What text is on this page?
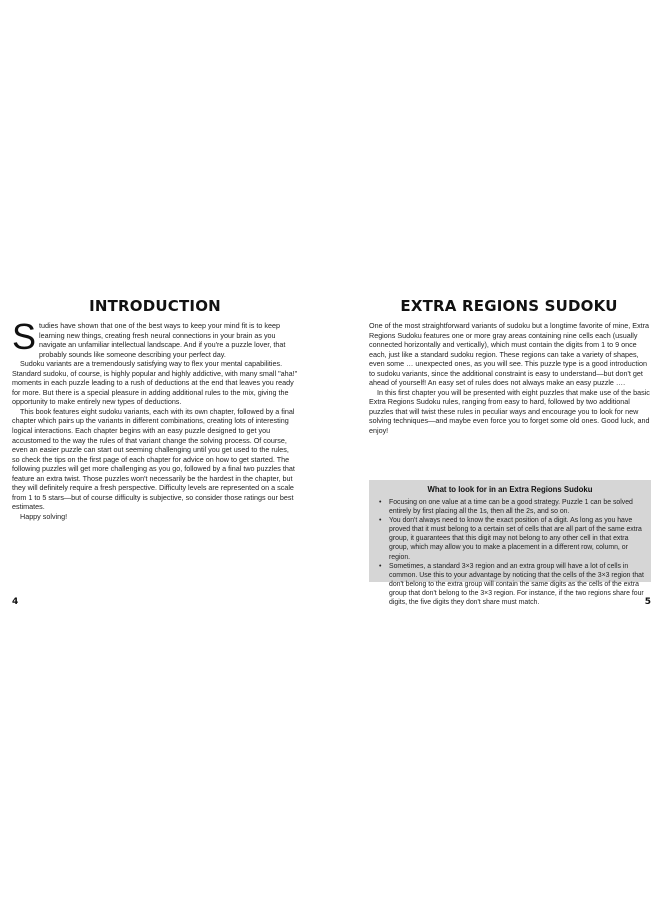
INTRODUCTION

Studies have shown that one of the best ways to keep your mind fit is to keep learning new things, creating fresh neural connections in your brain as you navigate an unfamiliar intellectual landscape. And if you're a puzzle lover, that probably sounds like someone describing your perfect day.

Sudoku variants are a tremendously satisfying way to flex your mental capabilities. Standard sudoku, of course, is highly popular and highly addictive, with many small "aha!" moments in each puzzle leading to a rush of deductions at the end that leaves you ready for more. But there is a special pleasure in adding additional rules to the mix, giving the opportunity to make entirely new types of deductions.

This book features eight sudoku variants, each with its own chapter, followed by a final chapter which pairs up the variants in different combinations, creating lots of interesting logical interactions. Each chapter begins with an easy puzzle designed to get you accustomed to the way the rules of that variant change the solving process. Of course, even an easier puzzle can start out seeming challenging until you get used to the rules, so check the tips on the first page of each chapter for advice on how to get started. The following puzzles will get more challenging as you go, followed by a final two puzzles that feature an extra twist. Those puzzles won't necessarily be the hardest in the chapter, but they will definitely require a fresh perspective. Difficulty levels are represented on a scale from 1 to 5 stars—but of course difficulty is subjective, so consider those ratings our best estimates.

Happy solving!

4
EXTRA REGIONS SUDOKU

One of the most straightforward variants of sudoku but a longtime favorite of mine, Extra Regions Sudoku features one or more gray areas containing nine cells each (usually connected horizontally and vertically), which must contain the digits from 1 to 9 once each, just like a standard sudoku region. These regions can take a variety of shapes, even some … unexpected ones, as you will see. This puzzle type is a good introduction to sudoku variants, since the additional constraint is easy to understand—but don't get ahead of yourself! An easy set of rules does not always make an easy puzzle ….

In this first chapter you will be presented with eight puzzles that make use of the basic Extra Regions Sudoku rules, ranging from easy to hard, followed by two additional puzzles that will twist these rules in peculiar ways and encourage you to look for new solving techniques—and maybe even force you to forget some old ones. Good luck, and enjoy!

What to look for in an Extra Regions Sudoku
• Focusing on one value at a time can be a good strategy. Puzzle 1 can be solved entirely by first placing all the 1s, then all the 2s, and so on.
• You don't always need to know the exact position of a digit. As long as you have proved that it must belong to a certain set of cells that are all part of the same extra group, it guarantees that this digit may not belong to any other cell in that extra group, which may allow you to make a placement in a different row, column, or region.
• Sometimes, a standard 3×3 region and an extra group will have a lot of cells in common. Use this to your advantage by noticing that the cells of the 3×3 region that don't belong to the extra group will contain the same digits as the cells of the extra group that don't belong to the 3×3 region. For instance, if the two regions share four digits, the five digits they don't share must match.	5
